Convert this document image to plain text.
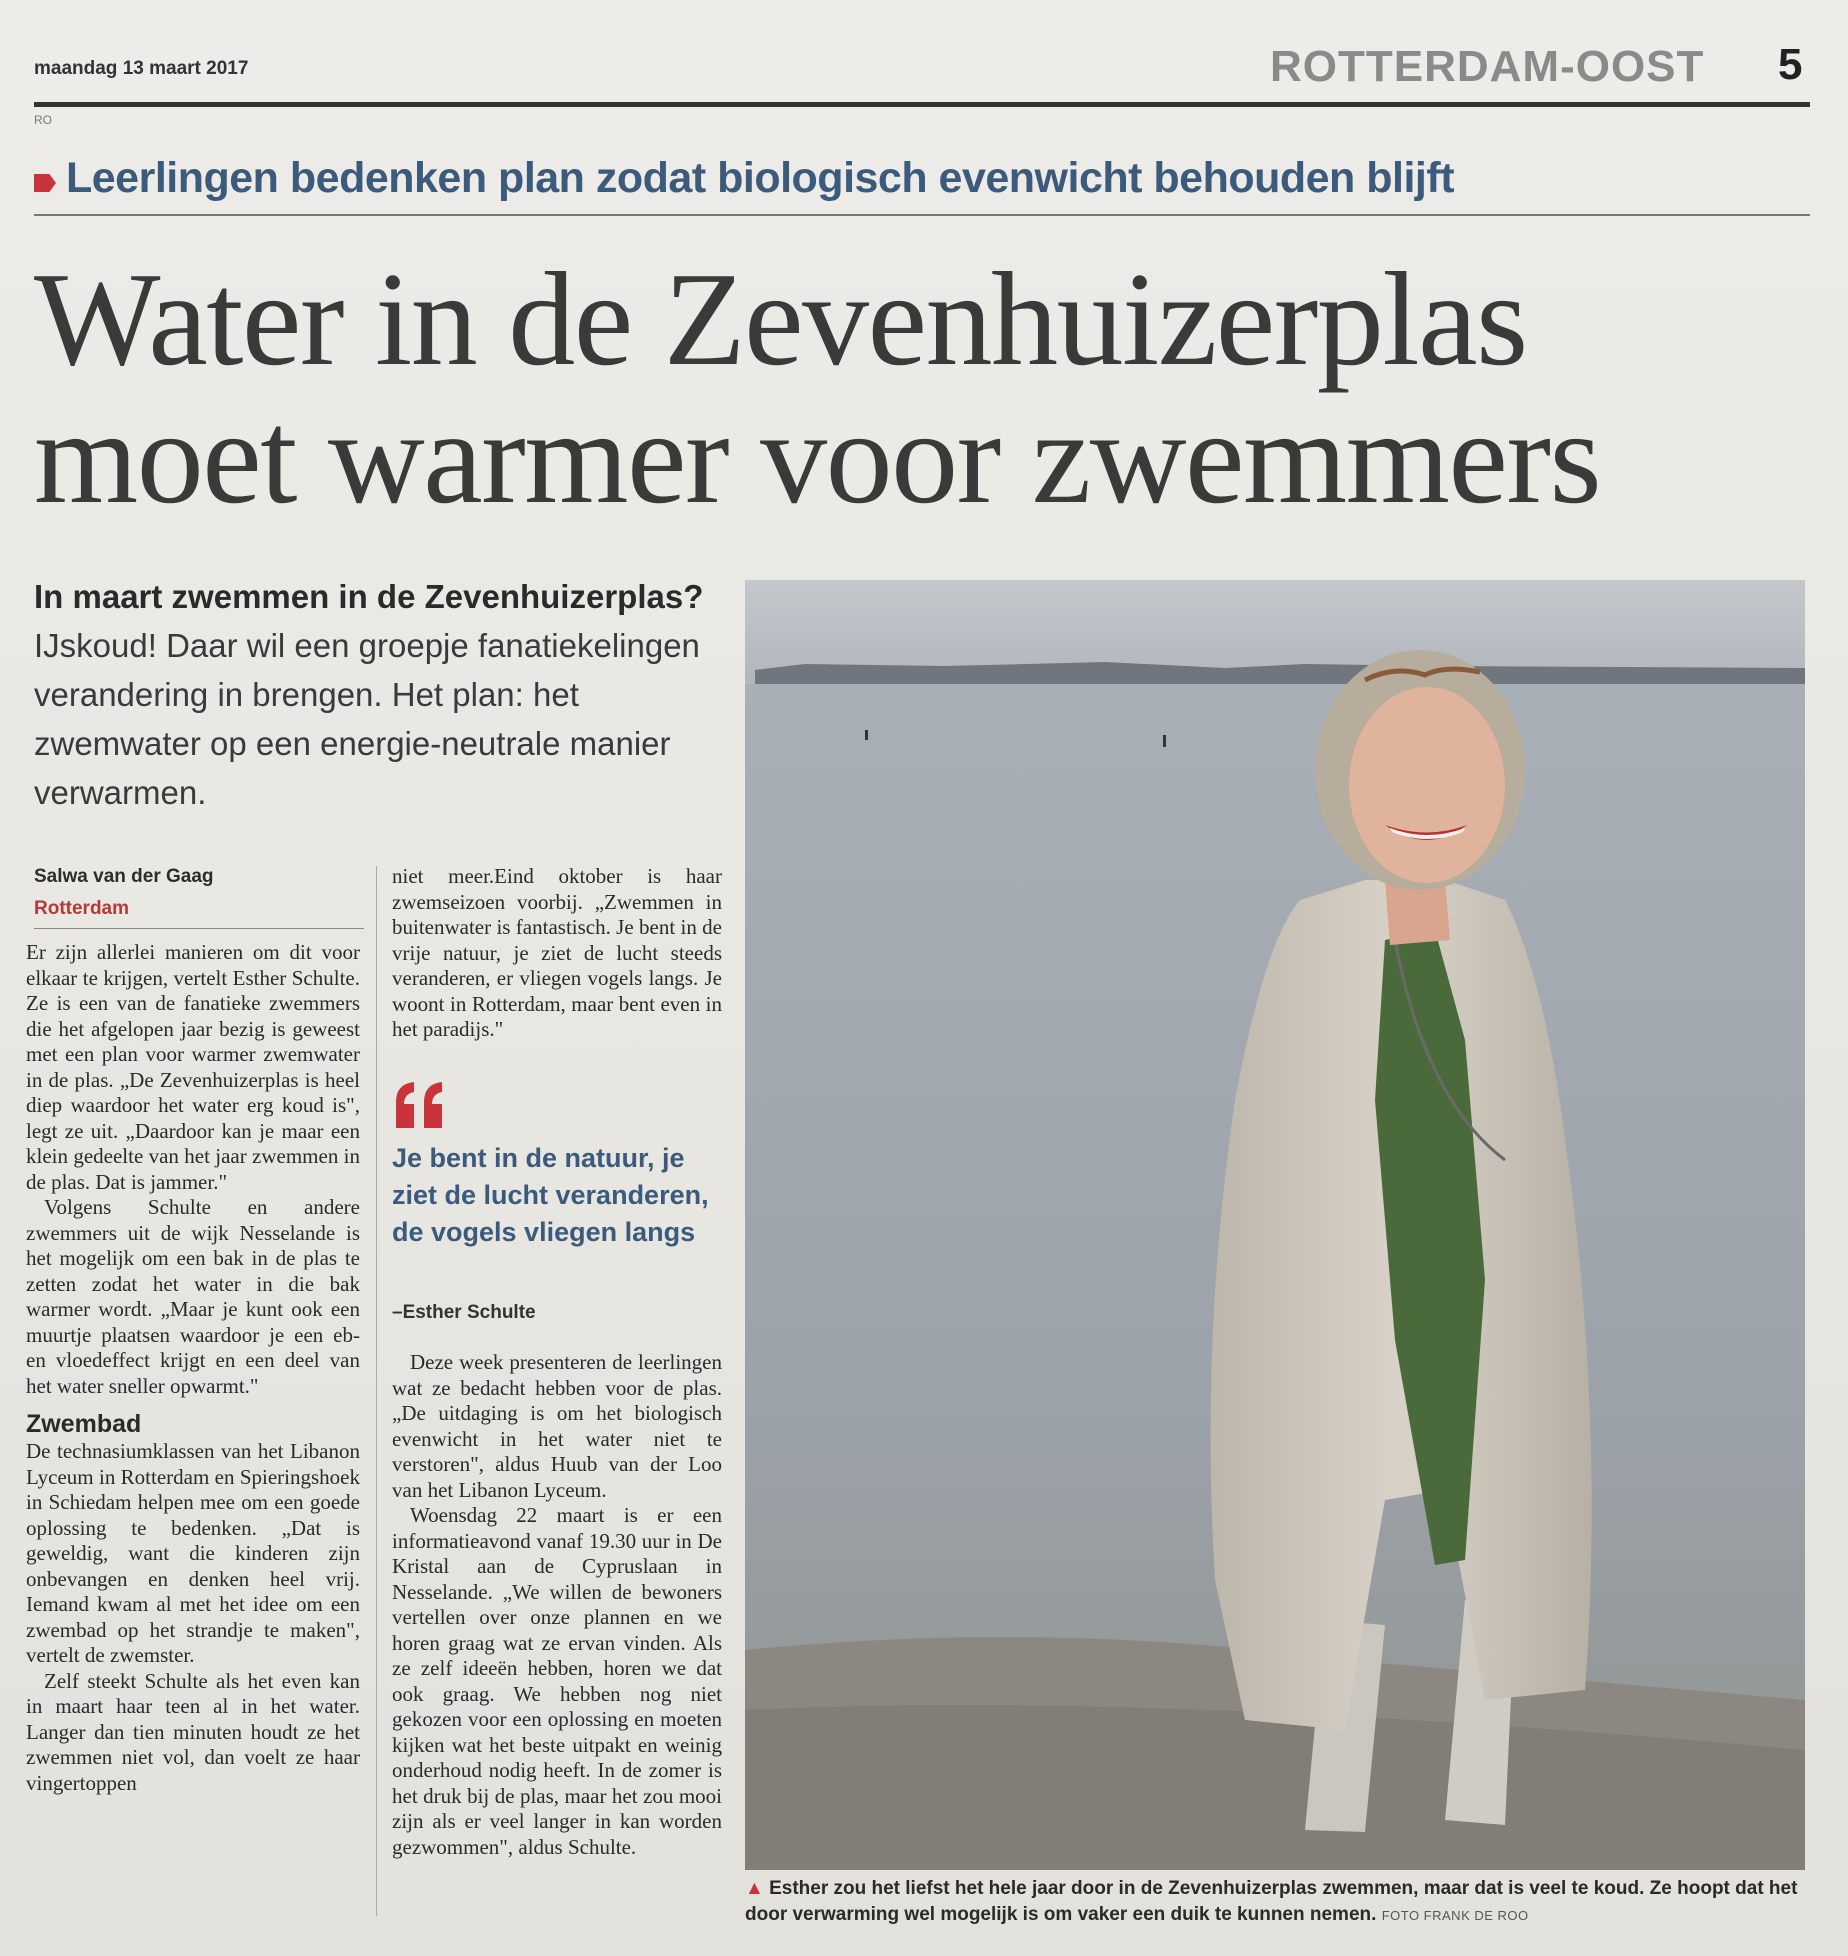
maandag 13 maart 2017	ROTTERDAM-OOST 5
RO
Leerlingen bedenken plan zodat biologisch evenwicht behouden blijft
Water in de Zevenhuizerplas
moet warmer voor zwemmers
In maart zwemmen in de Zevenhuizerplas? IJskoud! Daar wil een groepje fanatiekelingen verandering in brengen. Het plan: het zwemwater op een energie-neutrale manier verwarmen.
Salwa van der Gaag
Rotterdam

Er zijn allerlei manieren om dit voor elkaar te krijgen, vertelt Esther Schulte. Ze is een van de fanatieke zwemmers die het afgelopen jaar bezig is geweest met een plan voor warmer zwemwater in de plas. „De Zevenhuizerplas is heel diep waardoor het water erg koud is", legt ze uit. „Daardoor kan je maar een klein gedeelte van het jaar zwemmen in de plas. Dat is jammer."

Volgens Schulte en andere zwemmers uit de wijk Nesselande is het mogelijk om een bak in de plas te zetten zodat het water in die bak warmer wordt. „Maar je kunt ook een muurtje plaatsen waardoor je een eb- en vloedeffect krijgt en een deel van het water sneller opwarmt."

Zwembad

De technasiumklassen van het Libanon Lyceum in Rotterdam en Spieringshoek in Schiedam helpen mee om een goede oplossing te bedenken. „Dat is geweldig, want die kinderen zijn onbevangen en denken heel vrij. Iemand kwam al met het idee om een zwembad op het strandje te maken", vertelt de zwemster.

Zelf steekt Schulte als het even kan in maart haar teen al in het water. Langer dan tien minuten houdt ze het zwemmen niet vol, dan voelt ze haar vingertoppen

niet meer.Eind oktober is haar zwemseizoen voorbij. „Zwemmen in buitenwater is fantastisch. Je bent in de vrije natuur, je ziet de lucht steeds veranderen, er vliegen vogels langs. Je woont in Rotterdam, maar bent even in het paradijs."

Je bent in de natuur, je ziet de lucht veranderen, de vogels vliegen langs
–Esther Schulte

Deze week presenteren de leerlingen wat ze bedacht hebben voor de plas. „De uitdaging is om het biologisch evenwicht in het water niet te verstoren", aldus Huub van der Loo van het Libanon Lyceum.

Woensdag 22 maart is er een informatieavond vanaf 19.30 uur in De Kristal aan de Cypruslaan in Nesselande. „We willen de bewoners vertellen over onze plannen en we horen graag wat ze ervan vinden. Als ze zelf ideeën hebben, horen we dat ook graag. We hebben nog niet gekozen voor een oplossing en moeten kijken wat het beste uitpakt en weinig onderhoud nodig heeft. In de zomer is het druk bij de plas, maar het zou mooi zijn als er veel langer in kan worden gezwommen", aldus Schulte.

▲ Esther zou het liefst het hele jaar door in de Zevenhuizerplas zwemmen, maar dat is veel te koud. Ze hoopt dat het door verwarming wel mogelijk is om vaker een duik te kunnen nemen. FOTO FRANK DE ROO
